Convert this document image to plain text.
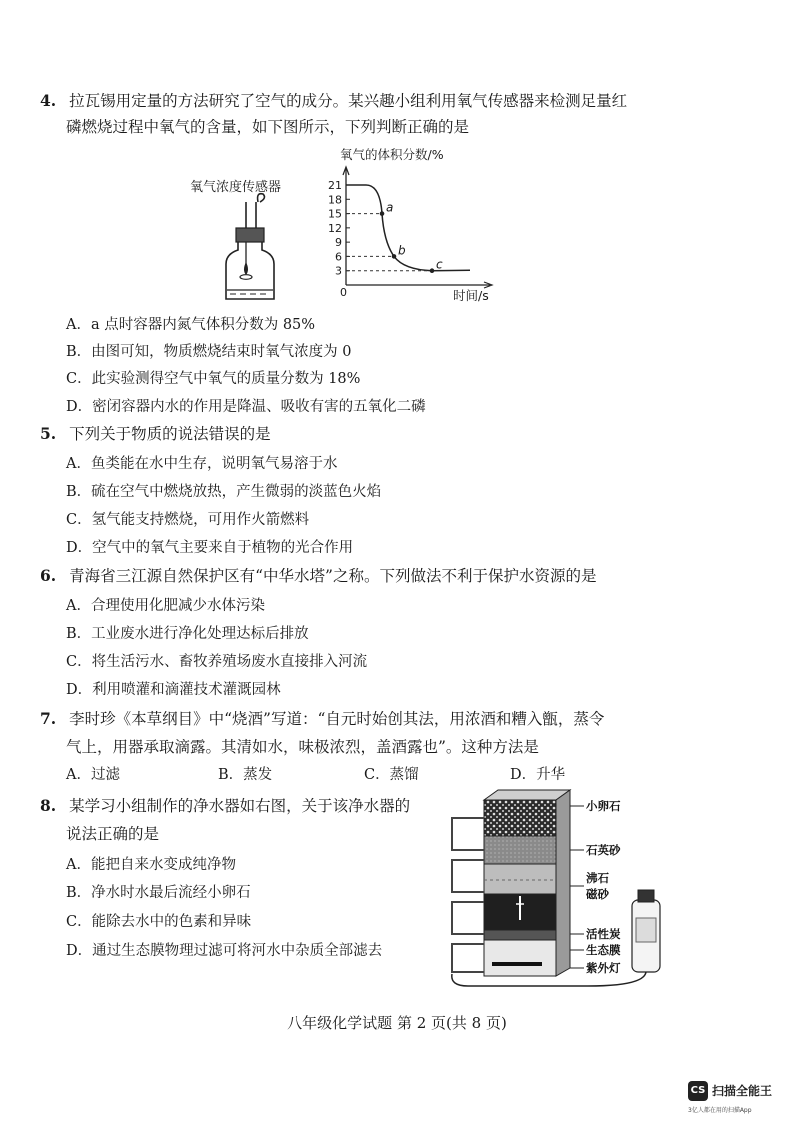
4. 拉瓦锡用定量的方法研究了空气的成分。某兴趣小组利用氧气传感器来检测足量红
磷燃烧过程中氧气的含量，如下图所示，下列判断正确的是
氧气浓度传感器
氧气的体积分数/%
时间/s
0
3
6
9
12
15
18
21
a
b
c
A．a 点时容器内氮气体积分数为 85%
B．由图可知，物质燃烧结束时氧气浓度为 0
C．此实验测得空气中氧气的质量分数为 18%
D．密闭容器内水的作用是降温、吸收有害的五氧化二磷
5. 下列关于物质的说法错误的是
A．鱼类能在水中生存，说明氧气易溶于水
B．硫在空气中燃烧放热，产生微弱的淡蓝色火焰
C．氢气能支持燃烧，可用作火箭燃料
D．空气中的氧气主要来自于植物的光合作用
6. 青海省三江源自然保护区有“中华水塔”之称。下列做法不利于保护水资源的是
A．合理使用化肥减少水体污染
B．工业废水进行净化处理达标后排放
C．将生活污水、畜牧养殖场废水直接排入河流
D．利用喷灌和滴灌技术灌溉园林
7. 李时珍《本草纲目》中“烧酒”写道：“自元时始创其法，用浓酒和糟入甑，蒸令
气上，用器承取滴露。其清如水，味极浓烈，盖酒露也”。这种方法是
A．过滤	B．蒸发	C．蒸馏	D．升华
8. 某学习小组制作的净水器如右图，关于该净水器的
说法正确的是
A．能把自来水变成纯净物
B．净水时水最后流经小卵石
C．能除去水中的色素和异味
D．通过生态膜物理过滤可将河水中杂质全部滤去
小卵石
石英砂
沸石
磁砂
活性炭
生态膜
紫外灯
八年级化学试题 第 2 页(共 8 页)
CS 扫描全能王
3亿人都在用的扫描App
